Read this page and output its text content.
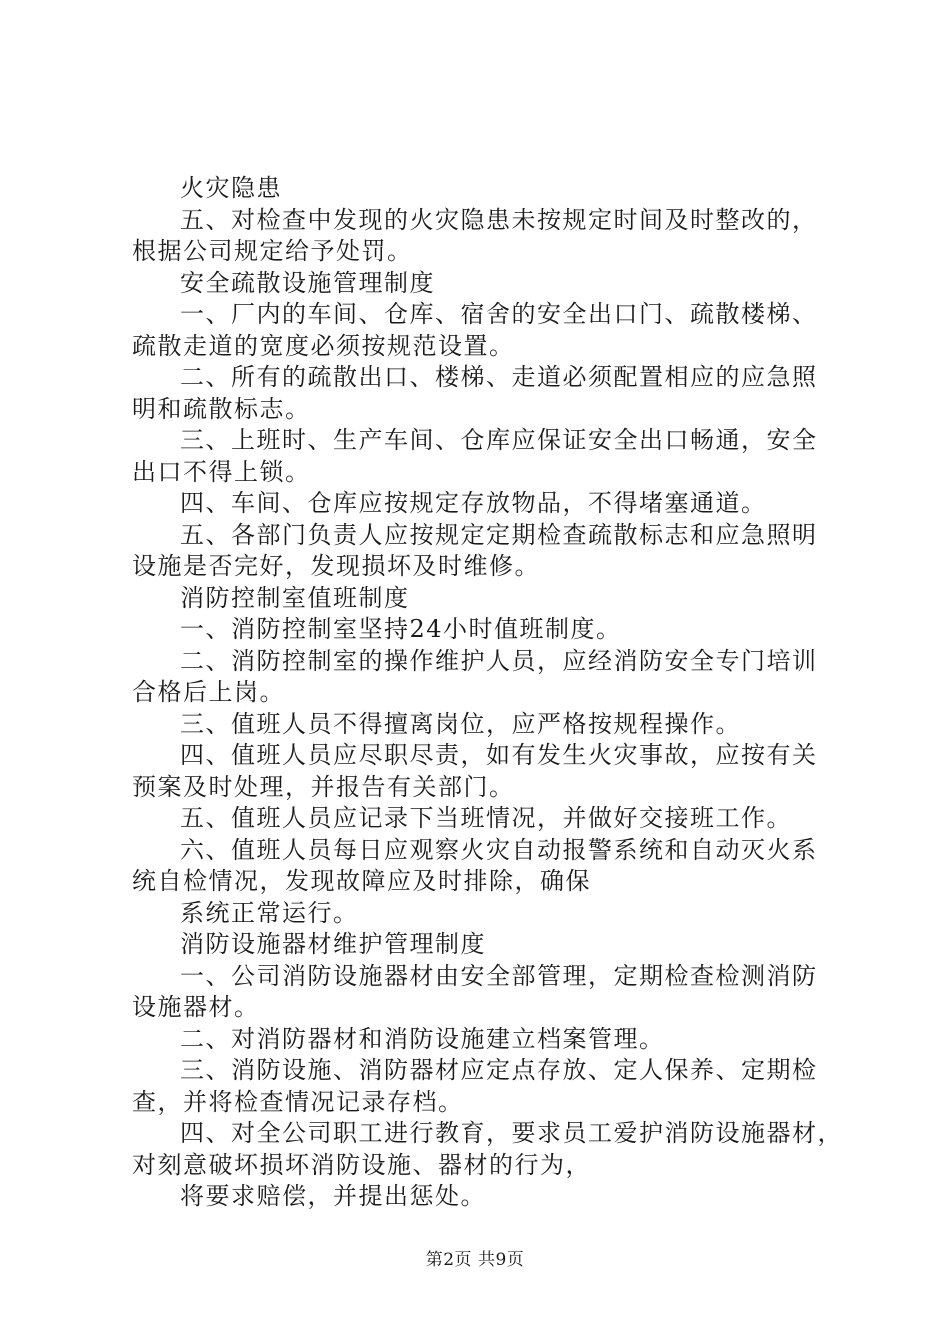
火灾隐患
五、对检查中发现的火灾隐患未按规定时间及时整改的，
根据公司规定给予处罚。
安全疏散设施管理制度
一、厂内的车间、仓库、宿舍的安全出口门、疏散楼梯、
疏散走道的宽度必须按规范设置。
二、所有的疏散出口、楼梯、走道必须配置相应的应急照
明和疏散标志。
三、上班时、生产车间、仓库应保证安全出口畅通，安全
出口不得上锁。
四、车间、仓库应按规定存放物品，不得堵塞通道。
五、各部门负责人应按规定定期检查疏散标志和应急照明
设施是否完好，发现损坏及时维修。
消防控制室值班制度
一、消防控制室坚持24小时值班制度。
二、消防控制室的操作维护人员，应经消防安全专门培训
合格后上岗。
三、值班人员不得擅离岗位，应严格按规程操作。
四、值班人员应尽职尽责，如有发生火灾事故，应按有关
预案及时处理，并报告有关部门。
五、值班人员应记录下当班情况，并做好交接班工作。
六、值班人员每日应观察火灾自动报警系统和自动灭火系
统自检情况，发现故障应及时排除，确保
系统正常运行。
消防设施器材维护管理制度
一、公司消防设施器材由安全部管理，定期检查检测消防
设施器材。
二、对消防器材和消防设施建立档案管理。
三、消防设施、消防器材应定点存放、定人保养、定期检
查，并将检查情况记录存档。
四、对全公司职工进行教育，要求员工爱护消防设施器材，
对刻意破坏损坏消防设施、器材的行为，
将要求赔偿，并提出惩处。
第2页 共9页
